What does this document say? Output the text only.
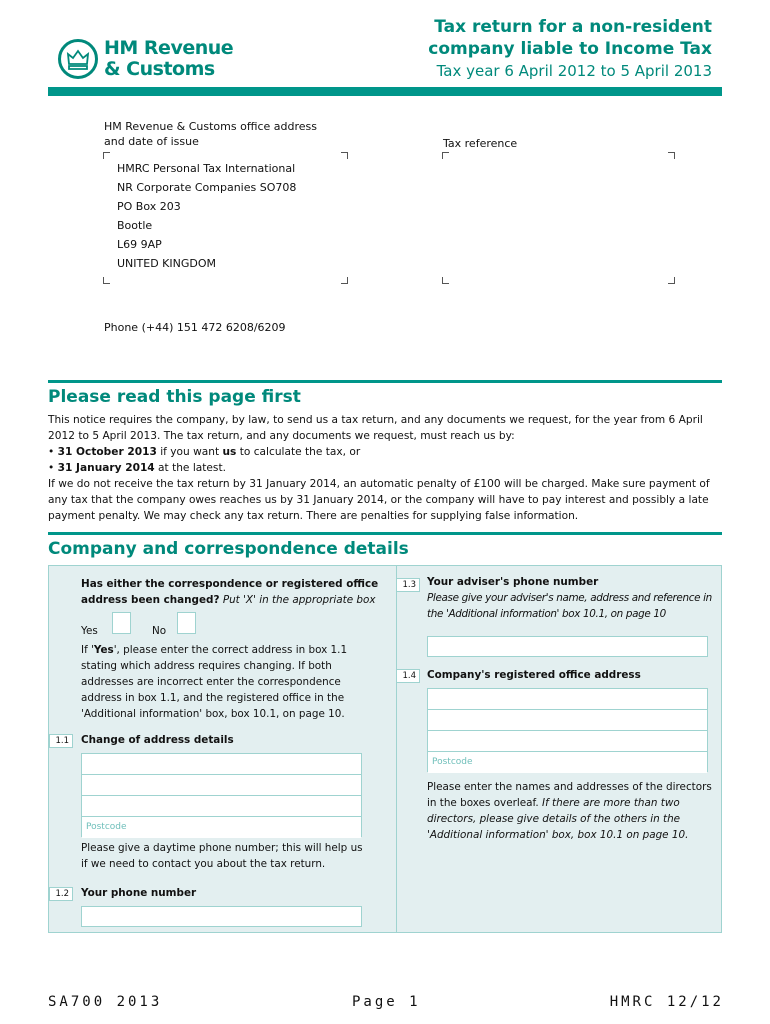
HM Revenue
& Customs
Tax return for a non-resident
company liable to Income Tax
Tax year 6 April 2012 to 5 April 2013
HM Revenue & Customs office address
and date of issue	Tax reference
HMRC Personal Tax International
NR Corporate Companies SO708
PO Box 203
Bootle
L69 9AP
UNITED KINGDOM
Phone (+44) 151 472 6208/6209
Please read this page first
This notice requires the company, by law, to send us a tax return, and any documents we request, for the year from 6 April 2012 to 5 April 2013. The tax return, and any documents we request, must reach us by:
• 31 October 2013 if you want us to calculate the tax, or
• 31 January 2014 at the latest.
If we do not receive the tax return by 31 January 2014, an automatic penalty of £100 will be charged. Make sure payment of any tax that the company owes reaches us by 31 January 2014, or the company will have to pay interest and possibly a late payment penalty. We may check any tax return. There are penalties for supplying false information.
Company and correspondence details
Has either the correspondence or registered office address been changed? Put 'X' in the appropriate box
Yes	No
If 'Yes', please enter the correct address in box 1.1 stating which address requires changing. If both addresses are incorrect enter the correspondence address in box 1.1, and the registered office in the 'Additional information' box, box 10.1, on page 10.
1.1	Change of address details
Postcode
Please give a daytime phone number; this will help us if we need to contact you about the tax return.
1.2	Your phone number
1.3	Your adviser's phone number
Please give your adviser's name, address and reference in the 'Additional information' box 10.1, on page 10
1.4	Company's registered office address
Postcode
Please enter the names and addresses of the directors in the boxes overleaf. If there are more than two directors, please give details of the others in the 'Additional information' box, box 10.1 on page 10.
SA700 2013	Page 1	HMRC 12/12
